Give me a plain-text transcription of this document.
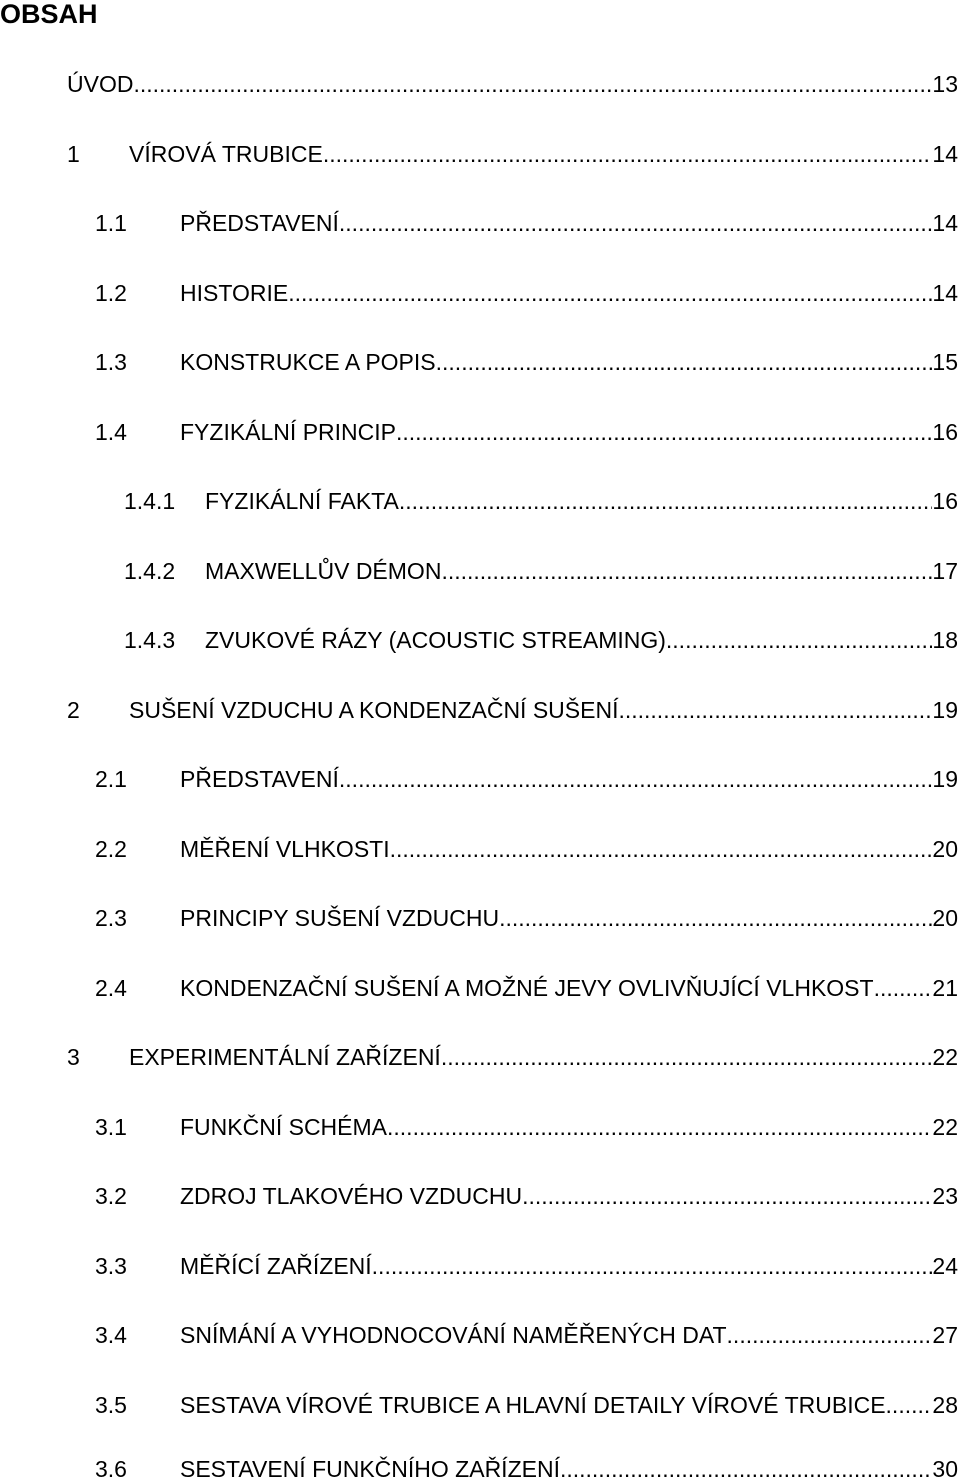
OBSAH
ÚVOD .....	13
1 VÍROVÁ TRUBICE .....	14
1.1 PŘEDSTAVENÍ .....	14
1.2 HISTORIE .....	14
1.3 KONSTRUKCE A POPIS .....	15
1.4 FYZIKÁLNÍ PRINCIP .....	16
1.4.1 FYZIKÁLNÍ FAKTA .....	16
1.4.2 MAXWELLŮV DÉMON .....	17
1.4.3 ZVUKOVÉ RÁZY (ACOUSTIC STREAMING) .....	18
2 SUŠENÍ VZDUCHU A KONDENZAČNÍ SUŠENÍ .....	19
2.1 PŘEDSTAVENÍ .....	19
2.2 MĚŘENÍ VLHKOSTI .....	20
2.3 PRINCIPY SUŠENÍ VZDUCHU .....	20
2.4 KONDENZAČNÍ SUŠENÍ A MOŽNÉ JEVY OVLIVŇUJÍCÍ VLHKOST .....	21
3 EXPERIMENTÁLNÍ ZAŘÍZENÍ .....	22
3.1 FUNKČNÍ SCHÉMA .....	22
3.2 ZDROJ TLAKOVÉHO VZDUCHU .....	23
3.3 MĚŘÍCÍ ZAŘÍZENÍ .....	24
3.4 SNÍMÁNÍ A VYHODNOCOVÁNÍ NAMĚŘENÝCH DAT .....	27
3.5 SESTAVA VÍROVÉ TRUBICE A HLAVNÍ DETAILY VÍROVÉ TRUBICE ..... 28
3.6 SESTAVENÍ FUNKČNÍHO ZAŘÍZENÍ .....	30
